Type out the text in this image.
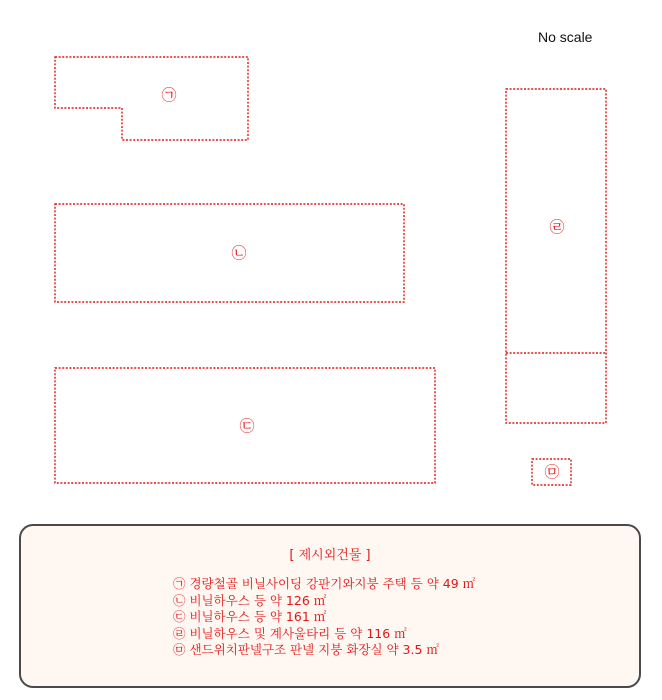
No scale
㉠
㉡
㉢
㉣
㉤
[ 제시외건물 ]
㉠ 경량철골 비닐사이딩 강판기와지붕 주택 등 약 49 ㎡
㉡ 비닐하우스 등 약 126 ㎡
㉢ 비닐하우스 등 약 161 ㎡
㉣ 비닐하우스 및 계사울타리 등 약 116 ㎡
㉤ 샌드위치판넬구조 판넬 지붕 화장실 약 3.5 ㎡
